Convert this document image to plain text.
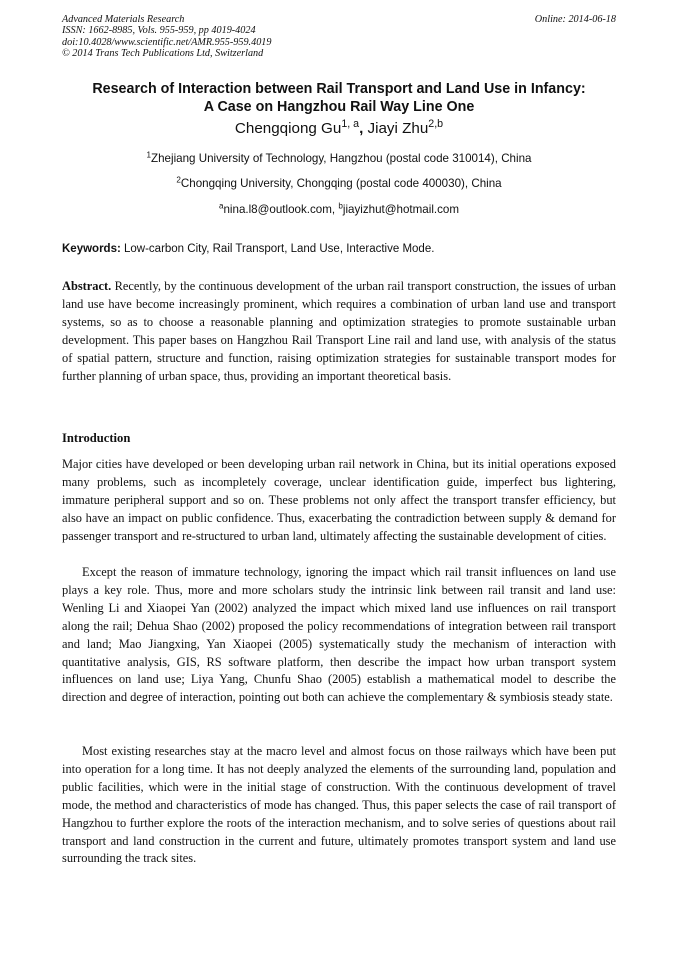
Advanced Materials Research
ISSN: 1662-8985, Vols. 955-959, pp 4019-4024
doi:10.4028/www.scientific.net/AMR.955-959.4019
© 2014 Trans Tech Publications Ltd, Switzerland
Online: 2014-06-18
Research of Interaction between Rail Transport and Land Use in Infancy:
A Case on Hangzhou Rail Way Line One
Chengqiong Gu$^{1, a}$, Jiayi Zhu$^{2,b}$
$^1$Zhejiang University of Technology, Hangzhou (postal code 310014), China
$^2$Chongqing University, Chongqing (postal code 400030), China
$^a$nina.l8@outlook.com, $^b$jiayizhut@hotmail.com
Keywords: Low-carbon City, Rail Transport, Land Use, Interactive Mode.

Abstract. Recently, by the continuous development of the urban rail transport construction, the issues of urban land use have become increasingly prominent, which requires a combination of urban land use and transport systems, so as to choose a reasonable planning and optimization strategies to promote sustainable urban development. This paper bases on Hangzhou Rail Transport Line rail and land use, with analysis of the status of spatial pattern, structure and function, raising optimization strategies for sustainable transport modes for further planning of urban space, thus, providing an important theoretical basis.

Introduction

Major cities have developed or been developing urban rail network in China, but its initial operations exposed many problems, such as incompletely coverage, unclear identification guide, imperfect bus lightering, immature peripheral support and so on. These problems not only affect the transport transfer efficiency, but also have an impact on public confidence. Thus, exacerbating the contradiction between supply & demand for passenger transport and re-structured to urban land, ultimately affecting the sustainable development of cities.

Except the reason of immature technology, ignoring the impact which rail transit influences on land use plays a key role. Thus, more and more scholars study the intrinsic link between rail transit and land use: Wenling Li and Xiaopei Yan (2002) analyzed the impact which mixed land use influences on rail transport along the rail; Dehua Shao (2002) proposed the policy recommendations of integration between rail transport and land; Mao Jiangxing, Yan Xiaopei (2005) systematically study the mechanism of interaction with quantitative analysis, GIS, RS software platform, then describe the impact how urban transport system influences on land use; Liya Yang, Chunfu Shao (2005) establish a mathematical model to describe the direction and degree of interaction, pointing out both can achieve the complementary & symbiosis steady state.

Most existing researches stay at the macro level and almost focus on those railways which have been put into operation for a long time. It has not deeply analyzed the elements of the surrounding land, population and public facilities, which were in the initial stage of construction. With the continuous development of travel mode, the method and characteristics of mode has changed. Thus, this paper selects the case of rail transport of Hangzhou to further explore the roots of the interaction mechanism, and to solve series of questions about rail transport and land construction in the current and future, ultimately promotes transport system and land use surrounding the track sites.
